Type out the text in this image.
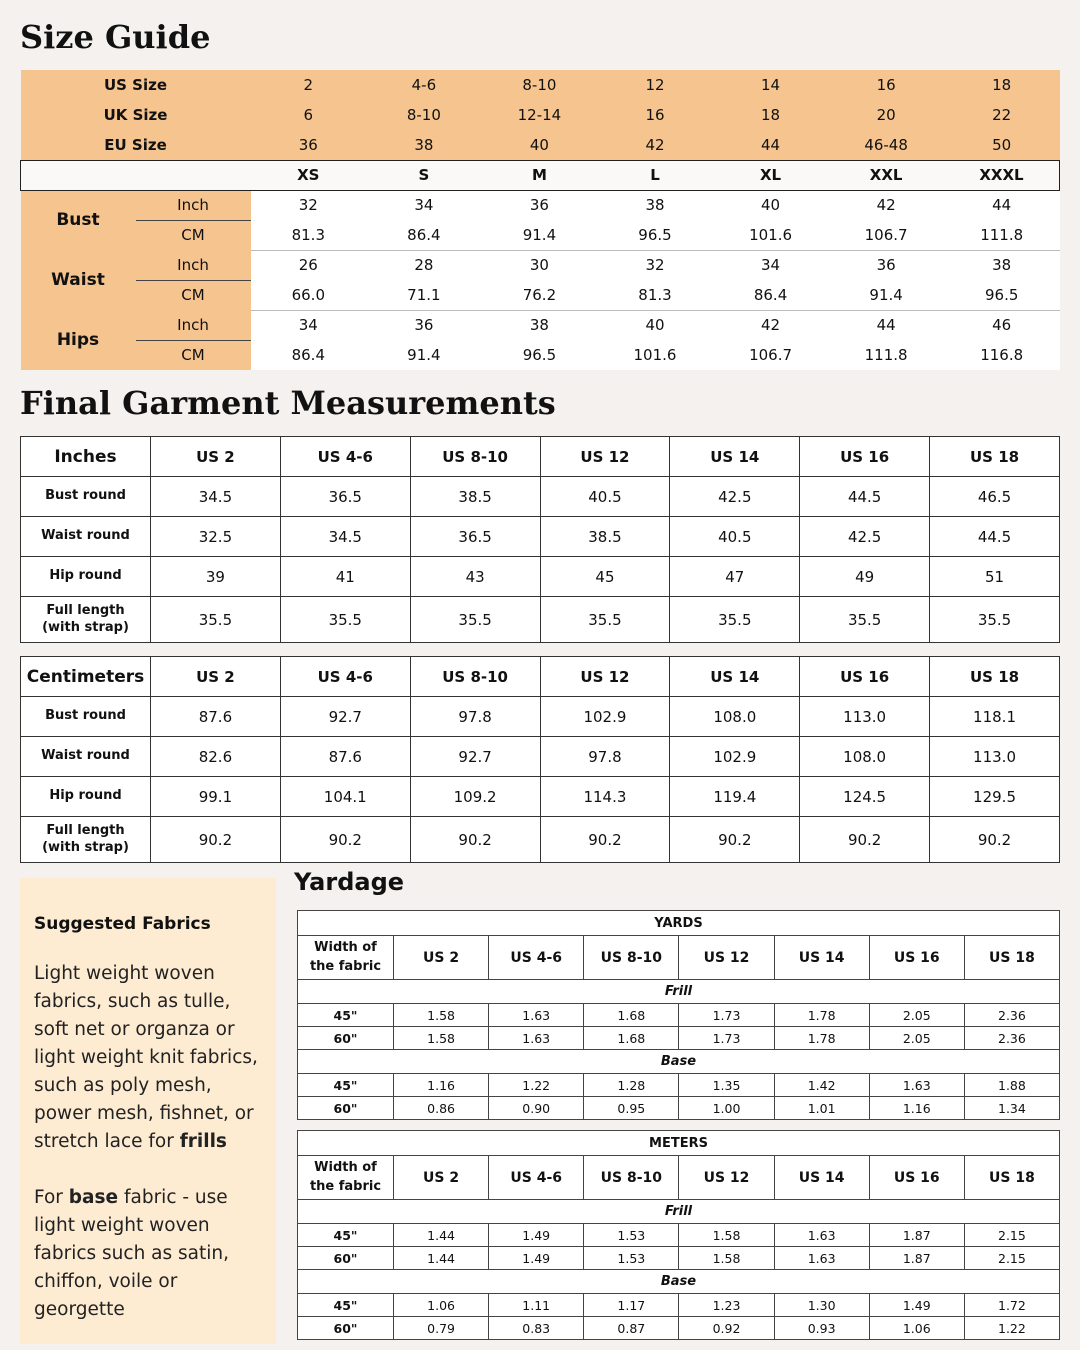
Size Guide
US Size		2	4-6	8-10	12	14	16	18
UK Size		6	8-10	12-14	16	18	20	22
EU Size		36	38	40	42	44	46-48	50
		XS	S	M	L	XL	XXL	XXXL
Bust	Inch	32	34	36	38	40	42	44
	CM	81.3	86.4	91.4	96.5	101.6	106.7	111.8
Waist	Inch	26	28	30	32	34	36	38
	CM	66.0	71.1	76.2	81.3	86.4	91.4	96.5
Hips	Inch	34	36	38	40	42	44	46
	CM	86.4	91.4	96.5	101.6	106.7	111.8	116.8
Final Garment Measurements
Inches	US 2	US 4-6	US 8-10	US 12	US 14	US 16	US 18
Bust round	34.5	36.5	38.5	40.5	42.5	44.5	46.5
Waist round	32.5	34.5	36.5	38.5	40.5	42.5	44.5
Hip round	39	41	43	45	47	49	51

Full length
(with strap)	35.5	35.5	35.5	35.5	35.5	35.5	35.5
Centimeters	US 2	US 4-6	US 8-10	US 12	US 14	US 16	US 18
Bust round	87.6	92.7	97.8	102.9	108.0	113.0	118.1
Waist round	82.6	87.6	92.7	97.8	102.9	108.0	113.0
Hip round	99.1	104.1	109.2	114.3	119.4	124.5	129.5

Full length
(with strap)	90.2	90.2	90.2	90.2	90.2	90.2	90.2
Suggested Fabrics
Light weight woven fabrics, such as tulle, soft net or organza or light weight knit fabrics, such as poly mesh, power mesh, fishnet, or stretch lace for frills
For base fabric - use light weight woven fabrics such as satin, chiffon, voile or georgette
Yardage
YARDS							

Width of
the fabric	US 2	US 4-6	US 8-10	US 12	US 14	US 16	US 18
Frill							
45"	1.58	1.63	1.68	1.73	1.78	2.05	2.36
60"	1.58	1.63	1.68	1.73	1.78	2.05	2.36
Base							
45"	1.16	1.22	1.28	1.35	1.42	1.63	1.88
60"	0.86	0.90	0.95	1.00	1.01	1.16	1.34
METERS							

Width of
the fabric	US 2	US 4-6	US 8-10	US 12	US 14	US 16	US 18
Frill							
45"	1.44	1.49	1.53	1.58	1.63	1.87	2.15
60"	1.44	1.49	1.53	1.58	1.63	1.87	2.15
Base							
45"	1.06	1.11	1.17	1.23	1.30	1.49	1.72
60"	0.79	0.83	0.87	0.92	0.93	1.06	1.22
